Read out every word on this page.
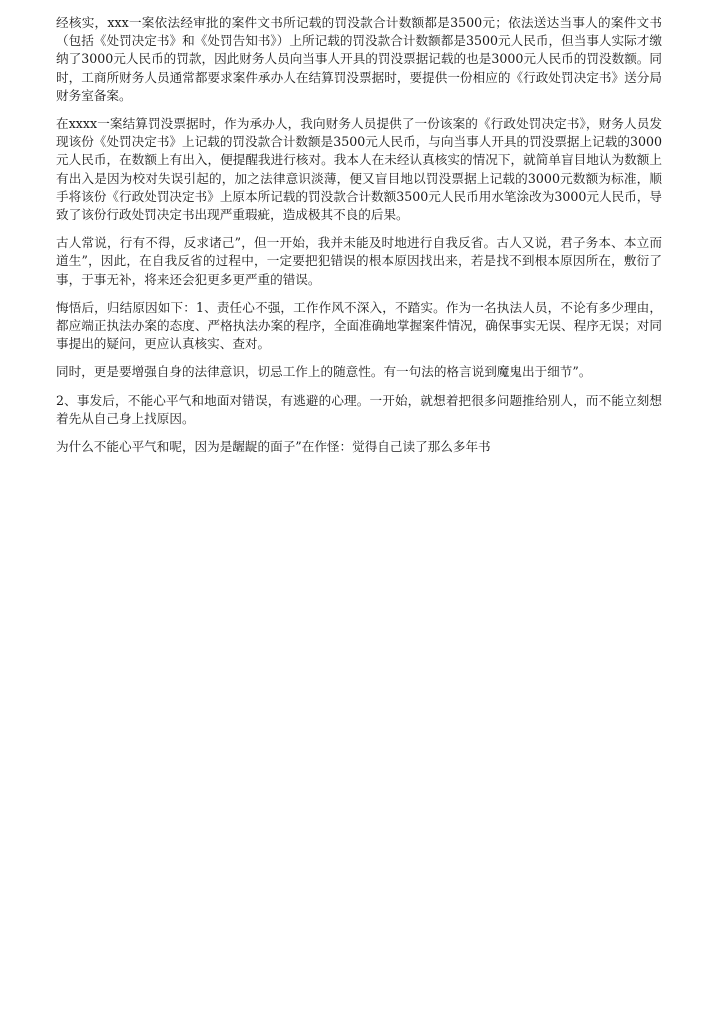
经核实，xxx一案依法经审批的案件文书所记载的罚没款合计数额都是3500元；依法送达当事人的案件文书（包括《处罚决定书》和《处罚告知书》）上所记载的罚没款合计数额都是3500元人民币，但当事人实际才缴纳了3000元人民币的罚款，因此财务人员向当事人开具的罚没票据记载的也是3000元人民币的罚没数额。同时，工商所财务人员通常都要求案件承办人在结算罚没票据时，要提供一份相应的《行政处罚决定书》送分局财务室备案。

在xxxx一案结算罚没票据时，作为承办人，我向财务人员提供了一份该案的《行政处罚决定书》，财务人员发现该份《处罚决定书》上记载的罚没款合计数额是3500元人民币，与向当事人开具的罚没票据上记载的3000元人民币，在数额上有出入，便提醒我进行核对。我本人在未经认真核实的情况下，就简单盲目地认为数额上有出入是因为校对失误引起的，加之法律意识淡薄，便又盲目地以罚没票据上记载的3000元数额为标准，顺手将该份《行政处罚决定书》上原本所记载的罚没款合计数额3500元人民币用水笔涂改为3000元人民币，导致了该份行政处罚决定书出现严重瑕疵，造成极其不良的后果。

古人常说，行有不得，反求诸己”，但一开始，我并未能及时地进行自我反省。古人又说，君子务本、本立而道生”，因此，在自我反省的过程中，一定要把犯错误的根本原因找出来，若是找不到根本原因所在，敷衍了事，于事无补，将来还会犯更多更严重的错误。

悔悟后，归结原因如下：1、责任心不强，工作作风不深入，不踏实。作为一名执法人员，不论有多少理由，都应端正执法办案的态度、严格执法办案的程序，全面准确地掌握案件情况，确保事实无误、程序无误；对同事提出的疑问，更应认真核实、查对。

同时，更是要增强自身的法律意识，切忌工作上的随意性。有一句法的格言说到魔鬼出于细节”。

2、事发后，不能心平气和地面对错误，有逃避的心理。一开始，就想着把很多问题推给别人，而不能立刻想着先从自己身上找原因。

为什么不能心平气和呢，因为是龌龊的面子”在作怪：觉得自己读了那么多年书
